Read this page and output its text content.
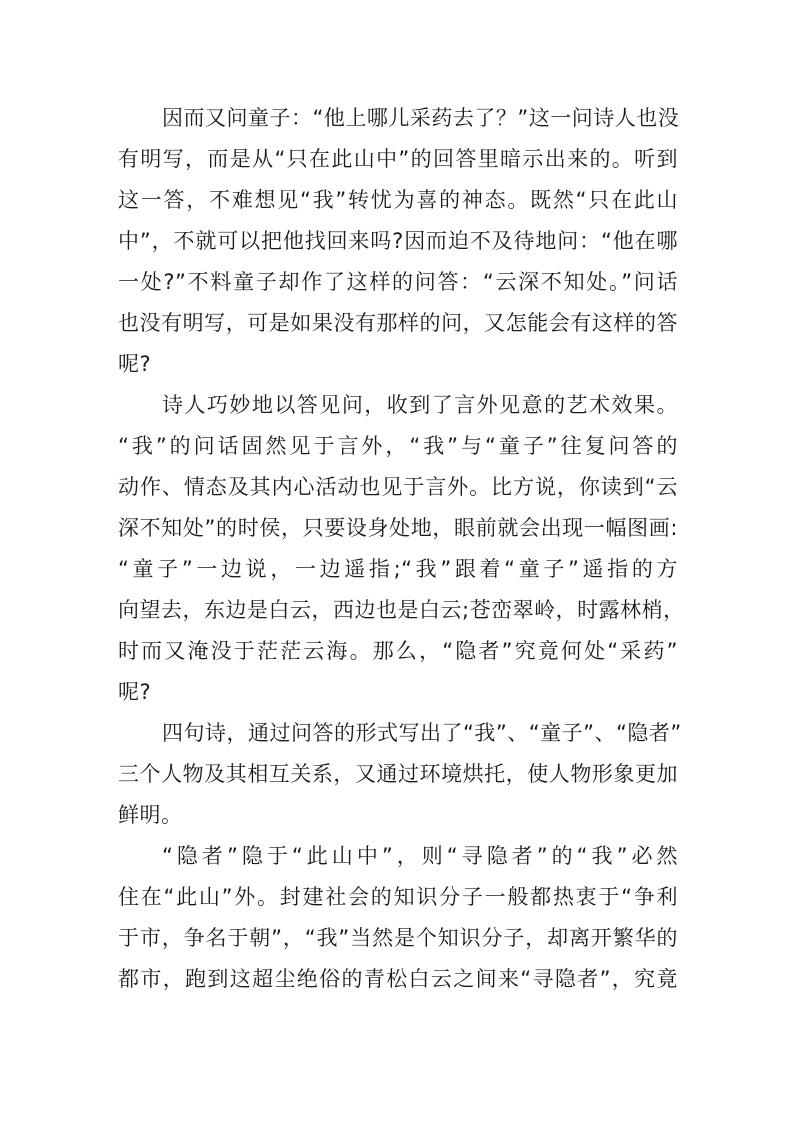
因而又问童子：“他上哪儿采药去了？”这一问诗人也没
有明写，而是从“只在此山中”的回答里暗示出来的。听到
这一答，不难想见“我”转忧为喜的神态。既然“只在此山
中”，不就可以把他找回来吗?因而迫不及待地问：“他在哪
一处?”不料童子却作了这样的问答：“云深不知处。”问话
也没有明写，可是如果没有那样的问，又怎能会有这样的答
呢?
诗人巧妙地以答见问，收到了言外见意的艺术效果。
“我”的问话固然见于言外，“我”与“童子”往复问答的
动作、情态及其内心活动也见于言外。比方说，你读到“云
深不知处”的时侯，只要设身处地，眼前就会出现一幅图画:
“童子”一边说，一边遥指;“我”跟着“童子”遥指的方
向望去，东边是白云，西边也是白云;苍峦翠岭，时露林梢，
时而又淹没于茫茫云海。那么，“隐者”究竟何处“采药”
呢?
四句诗，通过问答的形式写出了“我”、“童子”、“隐者”
三个人物及其相互关系，又通过环境烘托，使人物形象更加
鲜明。
“隐者”隐于“此山中”，则“寻隐者”的“我”必然
住在“此山”外。封建社会的知识分子一般都热衷于“争利
于市，争名于朝”，“我”当然是个知识分子，却离开繁华的
都市，跑到这超尘绝俗的青松白云之间来“寻隐者”，究竟
